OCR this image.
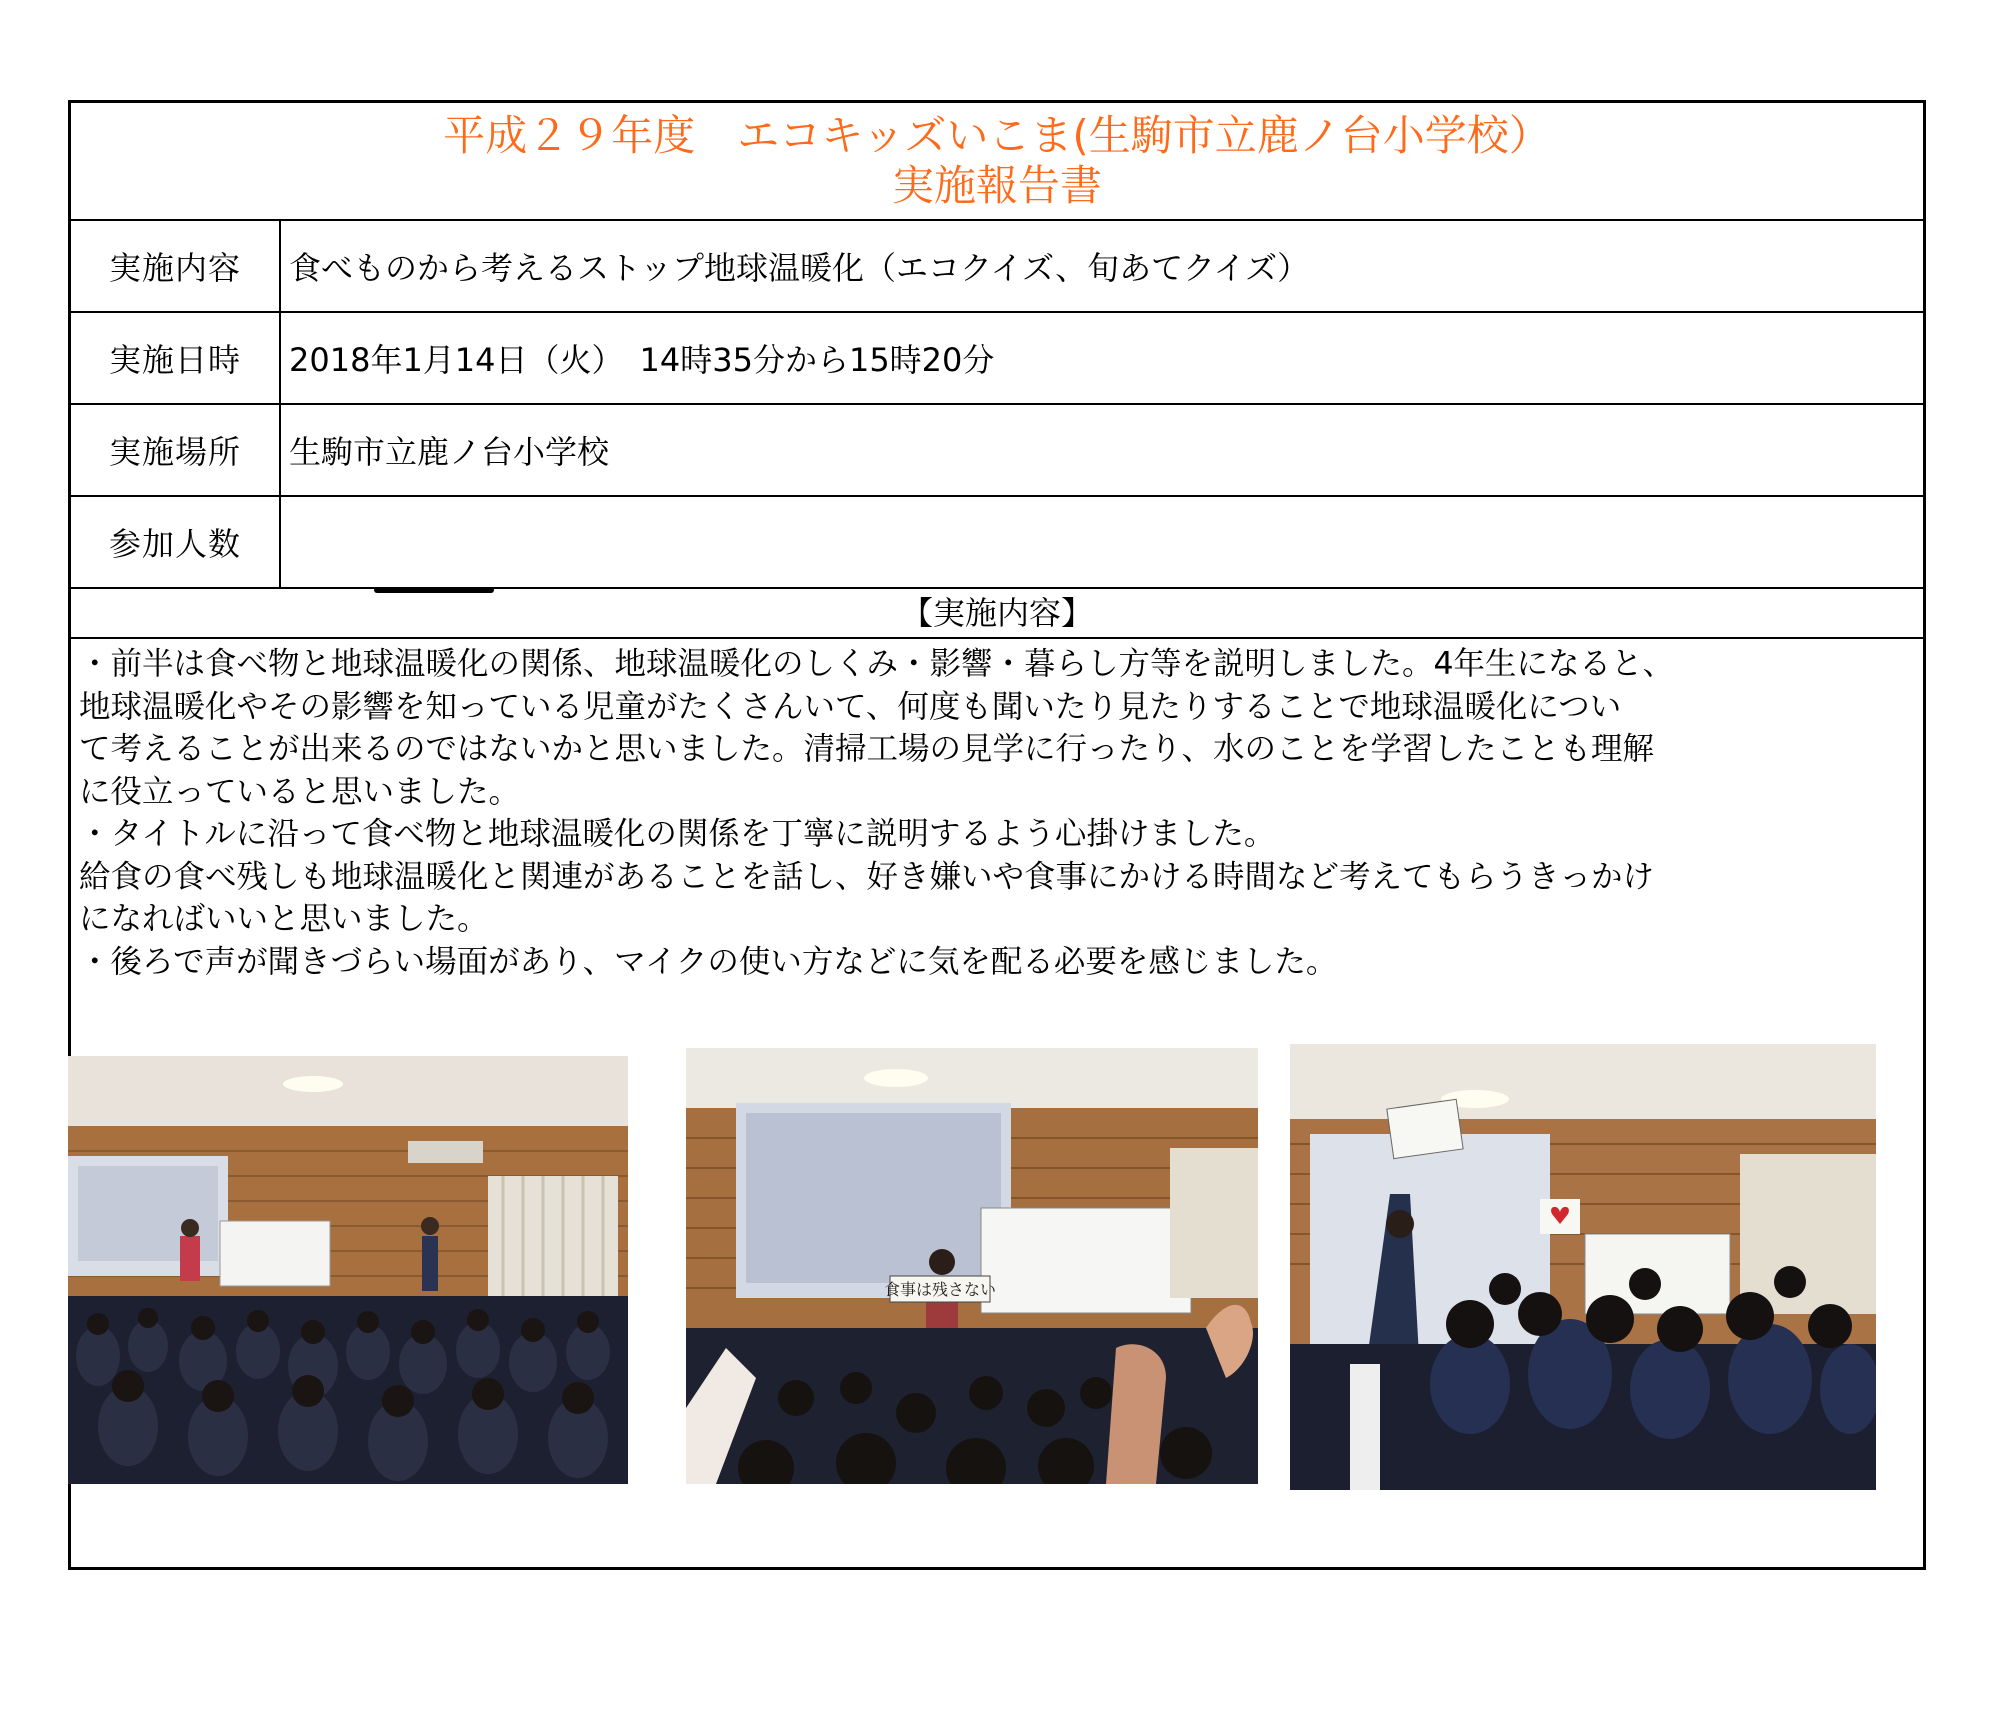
平成２９年度　エコキッズいこま(生駒市立鹿ノ台小学校）
実施報告書
実施内容	食べものから考えるストップ地球温暖化（エコクイズ、旬あてクイズ）
実施日時	2018年1月14日（火）　14時35分から15時20分
実施場所	生駒市立鹿ノ台小学校
参加人数
【実施内容】

・前半は食べ物と地球温暖化の関係、地球温暖化のしくみ・影響・暮らし方等を説明しました。4年生になると、

地球温暖化やその影響を知っている児童がたくさんいて、何度も聞いたり見たりすることで地球温暖化につい

て考えることが出来るのではないかと思いました。清掃工場の見学に行ったり、水のことを学習したことも理解

に役立っていると思いました。

・タイトルに沿って食べ物と地球温暖化の関係を丁寧に説明するよう心掛けました。

給食の食べ残しも地球温暖化と関連があることを話し、好き嫌いや食事にかける時間など考えてもらうきっかけ

になればいいと思いました。

・後ろで声が聞きづらい場面があり、マイクの使い方などに気を配る必要を感じました。

食事は残さない
